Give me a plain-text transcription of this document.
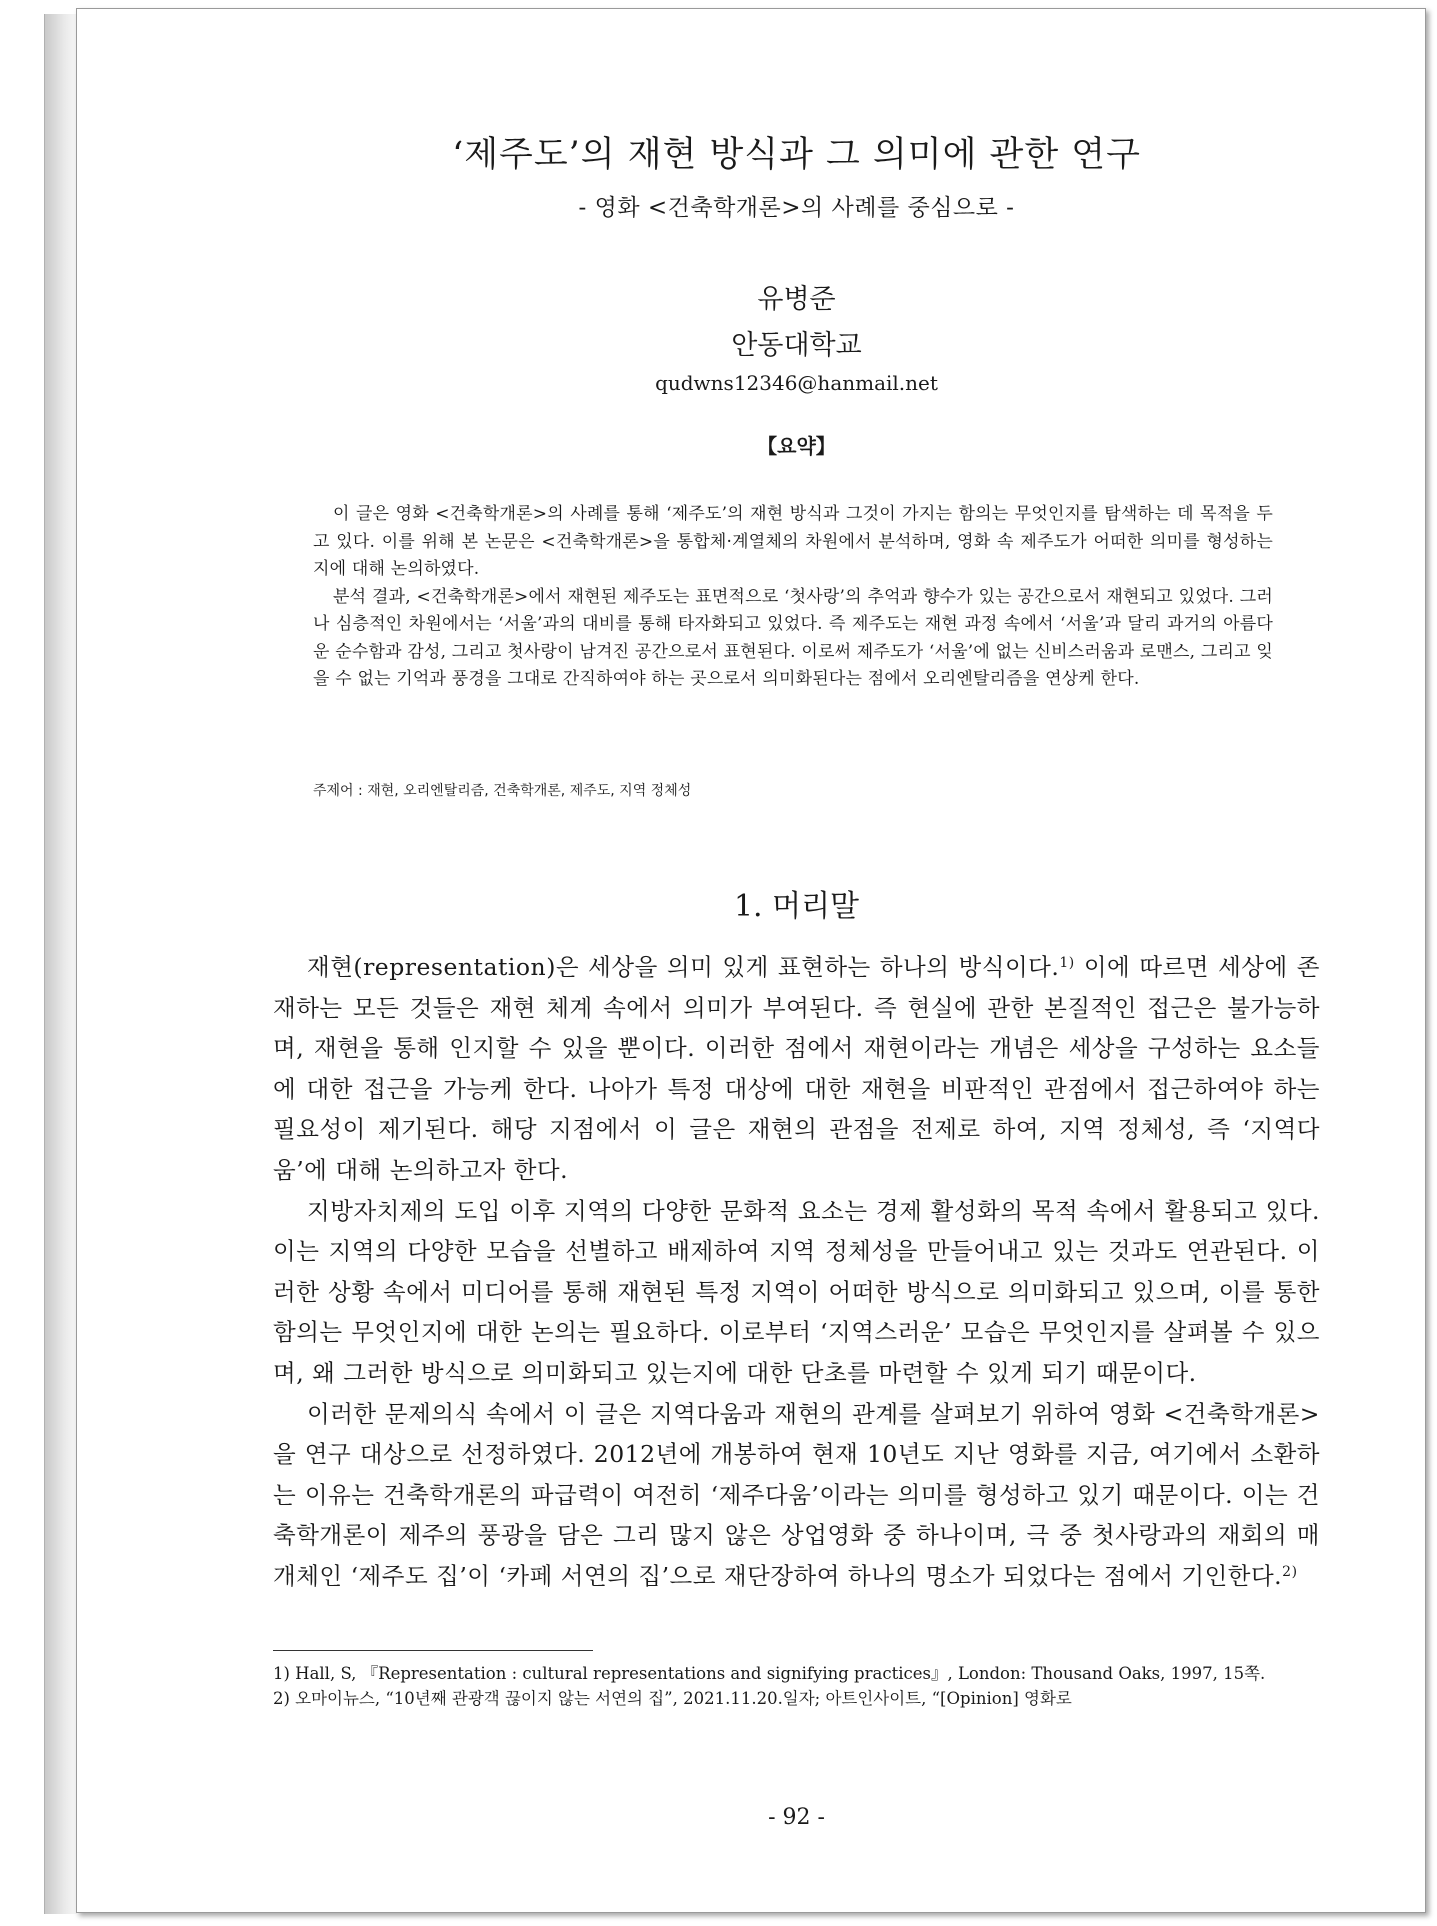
‘제주도’의 재현 방식과 그 의미에 관한 연구
- 영화 <건축학개론>의 사례를 중심으로 -
유병준
안동대학교
qudwns12346@hanmail.net
【요약】

이 글은 영화 <건축학개론>의 사례를 통해 ‘제주도’의 재현 방식과 그것이 가지는 함의는 무엇인지를 탐색하는 데 목적을 두고 있다. 이를 위해 본 논문은 <건축학개론>을 통합체·계열체의 차원에서 분석하며, 영화 속 제주도가 어떠한 의미를 형성하는지에 대해 논의하였다.

분석 결과, <건축학개론>에서 재현된 제주도는 표면적으로 ‘첫사랑’의 추억과 향수가 있는 공간으로서 재현되고 있었다. 그러나 심층적인 차원에서는 ‘서울’과의 대비를 통해 타자화되고 있었다. 즉 제주도는 재현 과정 속에서 ‘서울’과 달리 과거의 아름다운 순수함과 감성, 그리고 첫사랑이 남겨진 공간으로서 표현된다. 이로써 제주도가 ‘서울’에 없는 신비스러움과 로맨스, 그리고 잊을 수 없는 기억과 풍경을 그대로 간직하여야 하는 곳으로서 의미화된다는 점에서 오리엔탈리즘을 연상케 한다.

주제어 : 재현, 오리엔탈리즘, 건축학개론, 제주도, 지역 정체성
1. 머리말

재현(representation)은 세상을 의미 있게 표현하는 하나의 방식이다.$^{1)}$ 이에 따르면 세상에 존재하는 모든 것들은 재현 체계 속에서 의미가 부여된다. 즉 현실에 관한 본질적인 접근은 불가능하며, 재현을 통해 인지할 수 있을 뿐이다. 이러한 점에서 재현이라는 개념은 세상을 구성하는 요소들에 대한 접근을 가능케 한다. 나아가 특정 대상에 대한 재현을 비판적인 관점에서 접근하여야 하는 필요성이 제기된다. 해당 지점에서 이 글은 재현의 관점을 전제로 하여, 지역 정체성, 즉 ‘지역다움’에 대해 논의하고자 한다.

지방자치제의 도입 이후 지역의 다양한 문화적 요소는 경제 활성화의 목적 속에서 활용되고 있다. 이는 지역의 다양한 모습을 선별하고 배제하여 지역 정체성을 만들어내고 있는 것과도 연관된다. 이러한 상황 속에서 미디어를 통해 재현된 특정 지역이 어떠한 방식으로 의미화되고 있으며, 이를 통한 함의는 무엇인지에 대한 논의는 필요하다. 이로부터 ‘지역스러운’ 모습은 무엇인지를 살펴볼 수 있으며, 왜 그러한 방식으로 의미화되고 있는지에 대한 단초를 마련할 수 있게 되기 때문이다.

이러한 문제의식 속에서 이 글은 지역다움과 재현의 관계를 살펴보기 위하여 영화 <건축학개론>을 연구 대상으로 선정하였다. 2012년에 개봉하여 현재 10년도 지난 영화를 지금, 여기에서 소환하는 이유는 건축학개론의 파급력이 여전히 ‘제주다움’이라는 의미를 형성하고 있기 때문이다. 이는 건축학개론이 제주의 풍광을 담은 그리 많지 않은 상업영화 중 하나이며, 극 중 첫사랑과의 재회의 매개체인 ‘제주도 집’이 ‘카페 서연의 집’으로 재단장하여 하나의 명소가 되었다는 점에서 기인한다.$^{2)}$

1) Hall, S, 『Representation : cultural representations and signifying practices』, London: Thousand Oaks, 1997, 15쪽.
2) 오마이뉴스, “10년째 관광객 끊이지 않는 서연의 집”, 2021.11.20.일자; 아트인사이트, “[Opinion] 영화로
- 92 -
